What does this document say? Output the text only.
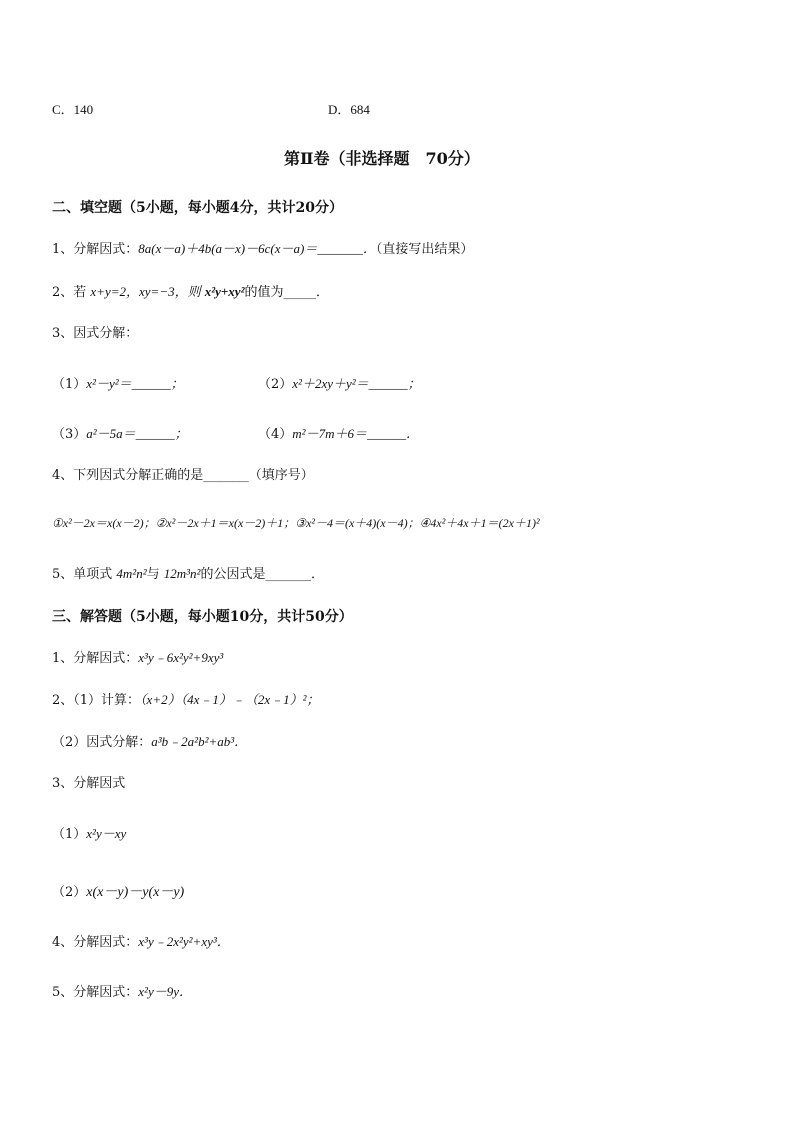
C．140	D．684
第Ⅱ卷（非选择题　70分）
二、填空题（5小题，每小题4分，共计20分）
1、分解因式：8a(x－a)＋4b(a－x)－6c(x－a)＝_______．（直接写出结果）
2、若 x+y=2，xy=−3，则 x²y+xy²的值为_____．
3、因式分解：
（1）x²－y²＝______；	（2）x²＋2xy＋y²＝______；
（3）a²－5a＝______；	（4）m²－7m＋6＝______．
4、下列因式分解正确的是_______（填序号）
①x²－2x＝x(x－2)；②x²－2x＋1＝x(x－2)＋1；③x²－4＝(x＋4)(x－4)；④4x²＋4x＋1＝(2x＋1)²
5、单项式 4m²n²与 12m³n²的公因式是_______．
三、解答题（5小题，每小题10分，共计50分）
1、分解因式：x³y﹣6x²y²+9xy³
2、（1）计算：（x+2）（4x﹣1）﹣（2x﹣1）²；
（2）因式分解：a³b﹣2a²b²+ab³．
3、分解因式
（1）x²y－xy
（2）x(x－y)－y(x－y)
4、分解因式：x³y﹣2x²y²+xy³．
5、分解因式：x²y－9y．
